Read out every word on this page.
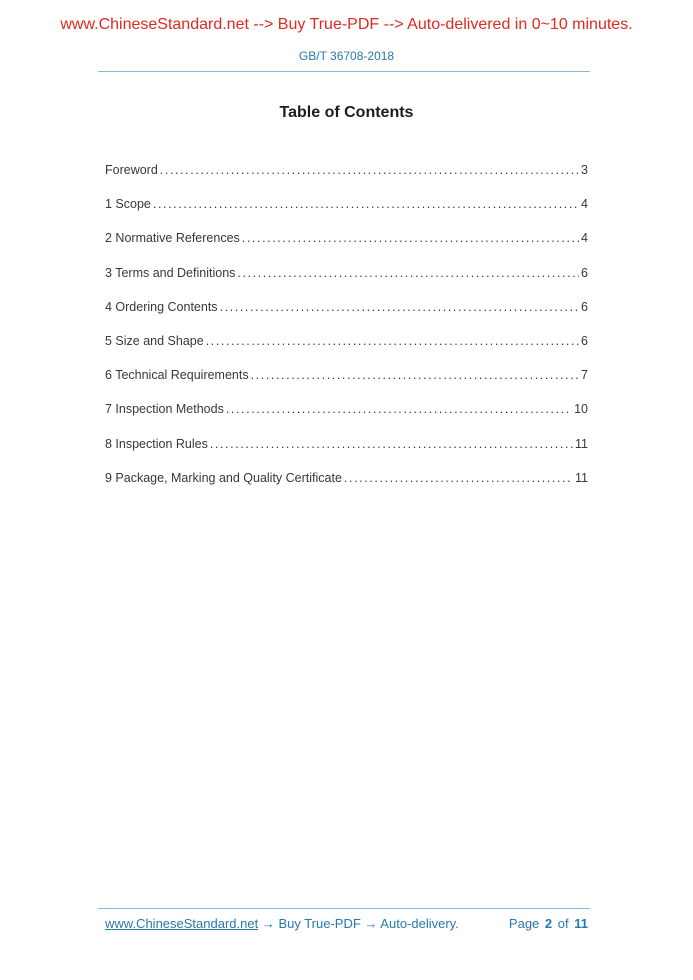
www.ChineseStandard.net --> Buy True-PDF --> Auto-delivered in 0~10 minutes.
GB/T 36708-2018
Table of Contents
Foreword .....	3
1 Scope .....	4
2 Normative References .....	4
3 Terms and Definitions .....	6
4 Ordering Contents .....	6
5 Size and Shape .....	6
6 Technical Requirements .....	7
7 Inspection Methods .....	10
8 Inspection Rules .....	11
9 Package, Marking and Quality Certificate .....	11
www.ChineseStandard.net → Buy True-PDF → Auto-delivery.	Page 2 of 11
